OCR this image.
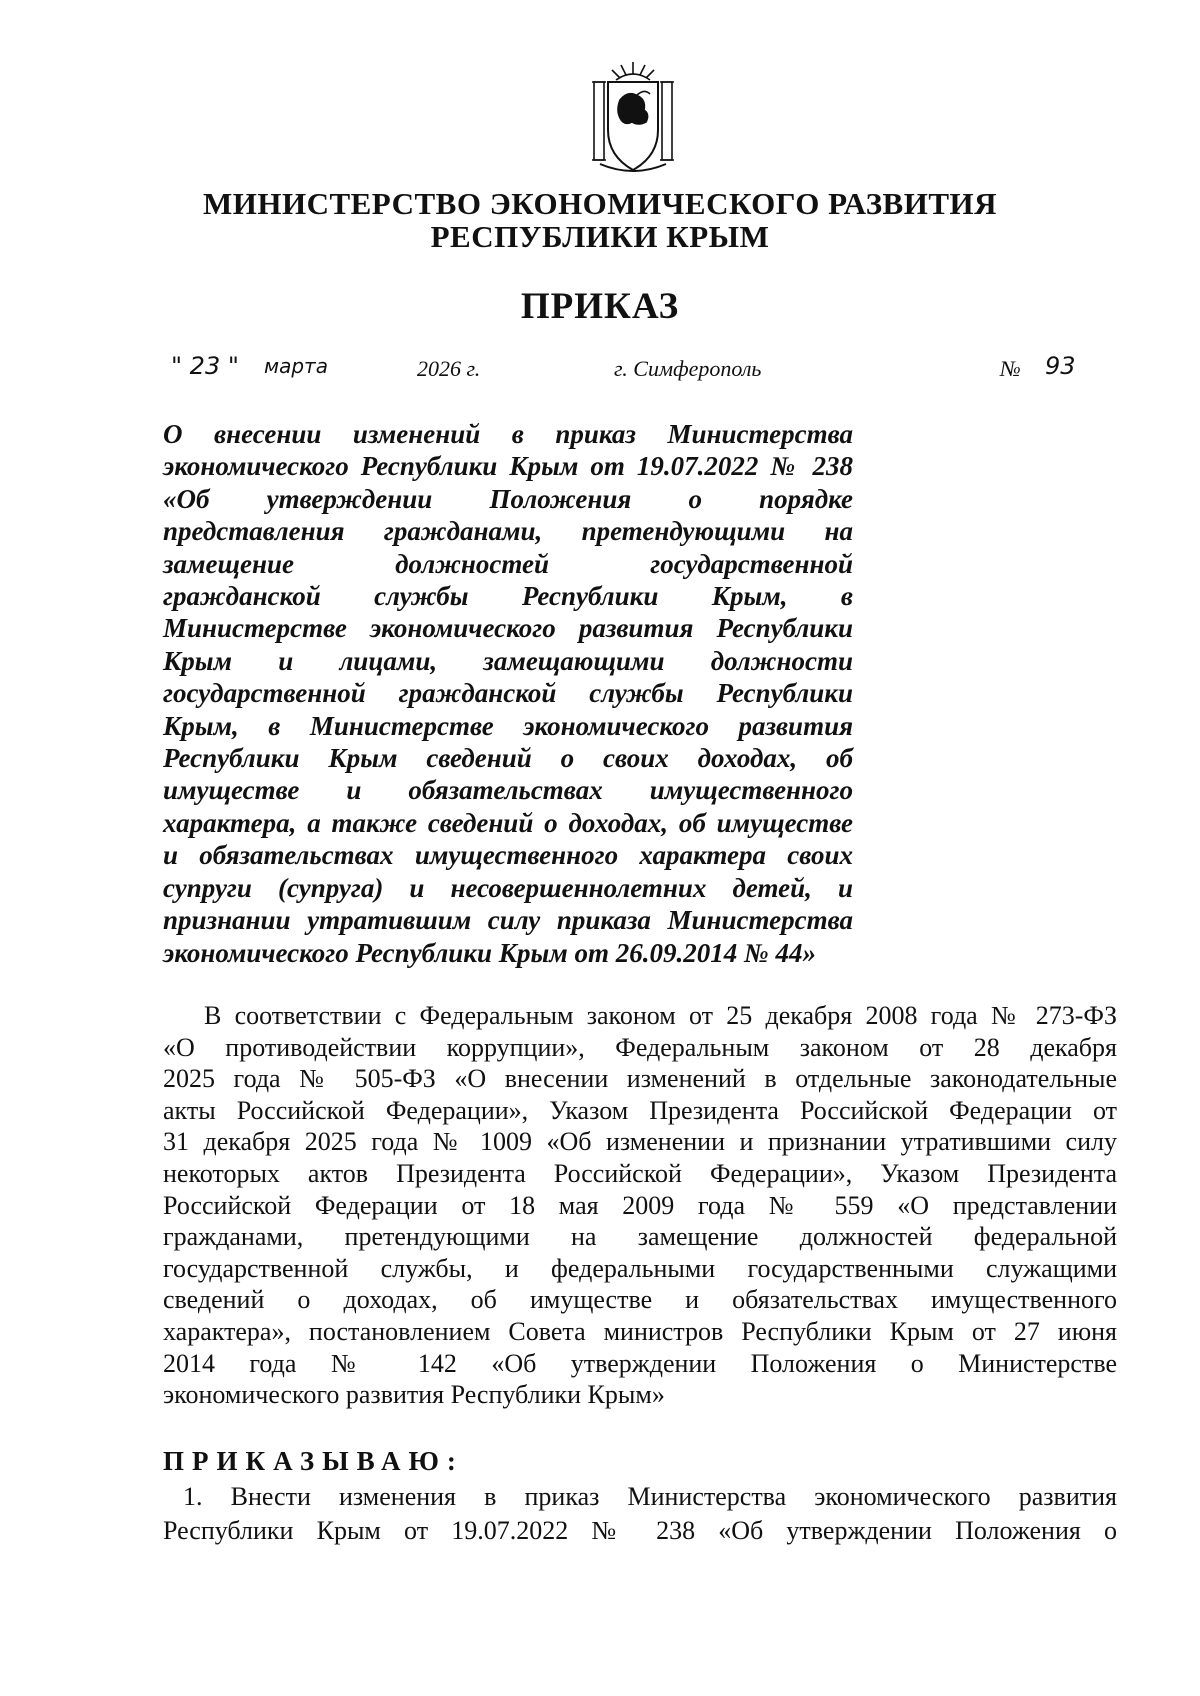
МИНИСТЕРСТВО ЭКОНОМИЧЕСКОГО РАЗВИТИЯ
РЕСПУБЛИКИ КРЫМ
ПРИКАЗ
" 23 " марта	2026 г.	г. Симферополь	№ 93
О внесении изменений в приказ Министерства
экономического Республики Крым от 19.07.2022 № 238
«Об утверждении Положения о порядке
представления гражданами, претендующими на
замещение должностей государственной
гражданской службы Республики Крым, в
Министерстве экономического развития Республики
Крым и лицами, замещающими должности
государственной гражданской службы Республики
Крым, в Министерстве экономического развития
Республики Крым сведений о своих доходах, об
имуществе и обязательствах имущественного
характера, а также сведений о доходах, об имуществе
и обязательствах имущественного характера своих
супруги (супруга) и несовершеннолетних детей, и
признании утратившим силу приказа Министерства
экономического Республики Крым от 26.09.2014 № 44»
В соответствии с Федеральным законом от 25 декабря 2008 года № 273-ФЗ
«О противодействии коррупции», Федеральным законом от 28 декабря
2025 года № 505-ФЗ «О внесении изменений в отдельные законодательные
акты Российской Федерации», Указом Президента Российской Федерации от
31 декабря 2025 года № 1009 «Об изменении и признании утратившими силу
некоторых актов Президента Российской Федерации», Указом Президента
Российской Федерации от 18 мая 2009 года № 559 «О представлении
гражданами, претендующими на замещение должностей федеральной
государственной службы, и федеральными государственными служащими
сведений о доходах, об имуществе и обязательствах имущественного
характера», постановлением Совета министров Республики Крым от 27 июня
2014 года № 142 «Об утверждении Положения о Министерстве
экономического развития Республики Крым»
ПРИКАЗЫВАЮ:
1. Внести изменения в приказ Министерства экономического развития
Республики Крым от 19.07.2022 № 238 «Об утверждении Положения о
